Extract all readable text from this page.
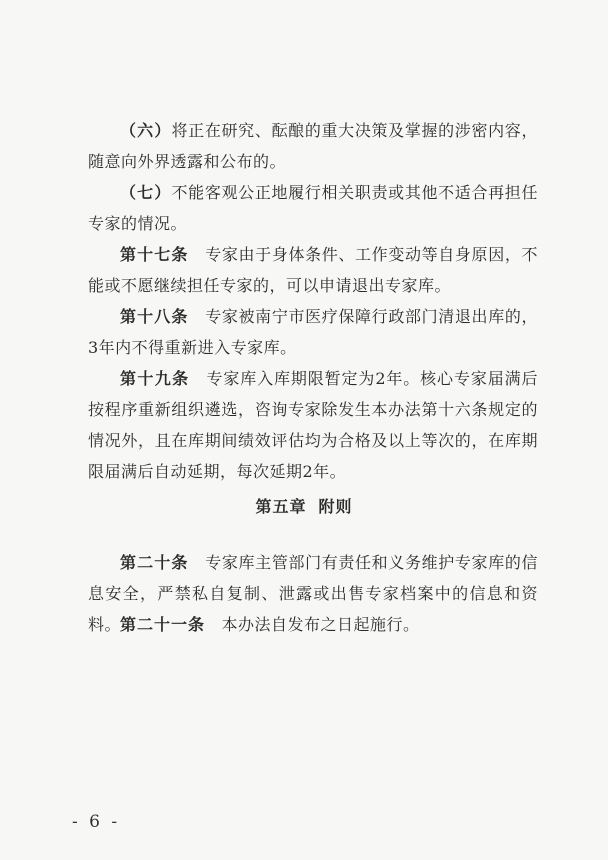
（六）将正在研究、酝酿的重大决策及掌握的涉密内容，随意向外界透露和公布的。

（七）不能客观公正地履行相关职责或其他不适合再担任专家的情况。

第十七条　专家由于身体条件、工作变动等自身原因，不能或不愿继续担任专家的，可以申请退出专家库。

第十八条　专家被南宁市医疗保障行政部门清退出库的，3年内不得重新进入专家库。

第十九条　专家库入库期限暂定为2年。核心专家届满后按程序重新组织遴选，咨询专家除发生本办法第十六条规定的情况外，且在库期间绩效评估均为合格及以上等次的，在库期限届满后自动延期，每次延期2年。

第五章 附则

第二十条　专家库主管部门有责任和义务维护专家库的信息安全，严禁私自复制、泄露或出售专家档案中的信息和资料。

第二十一条　本办法自发布之日起施行。

- 6 -
